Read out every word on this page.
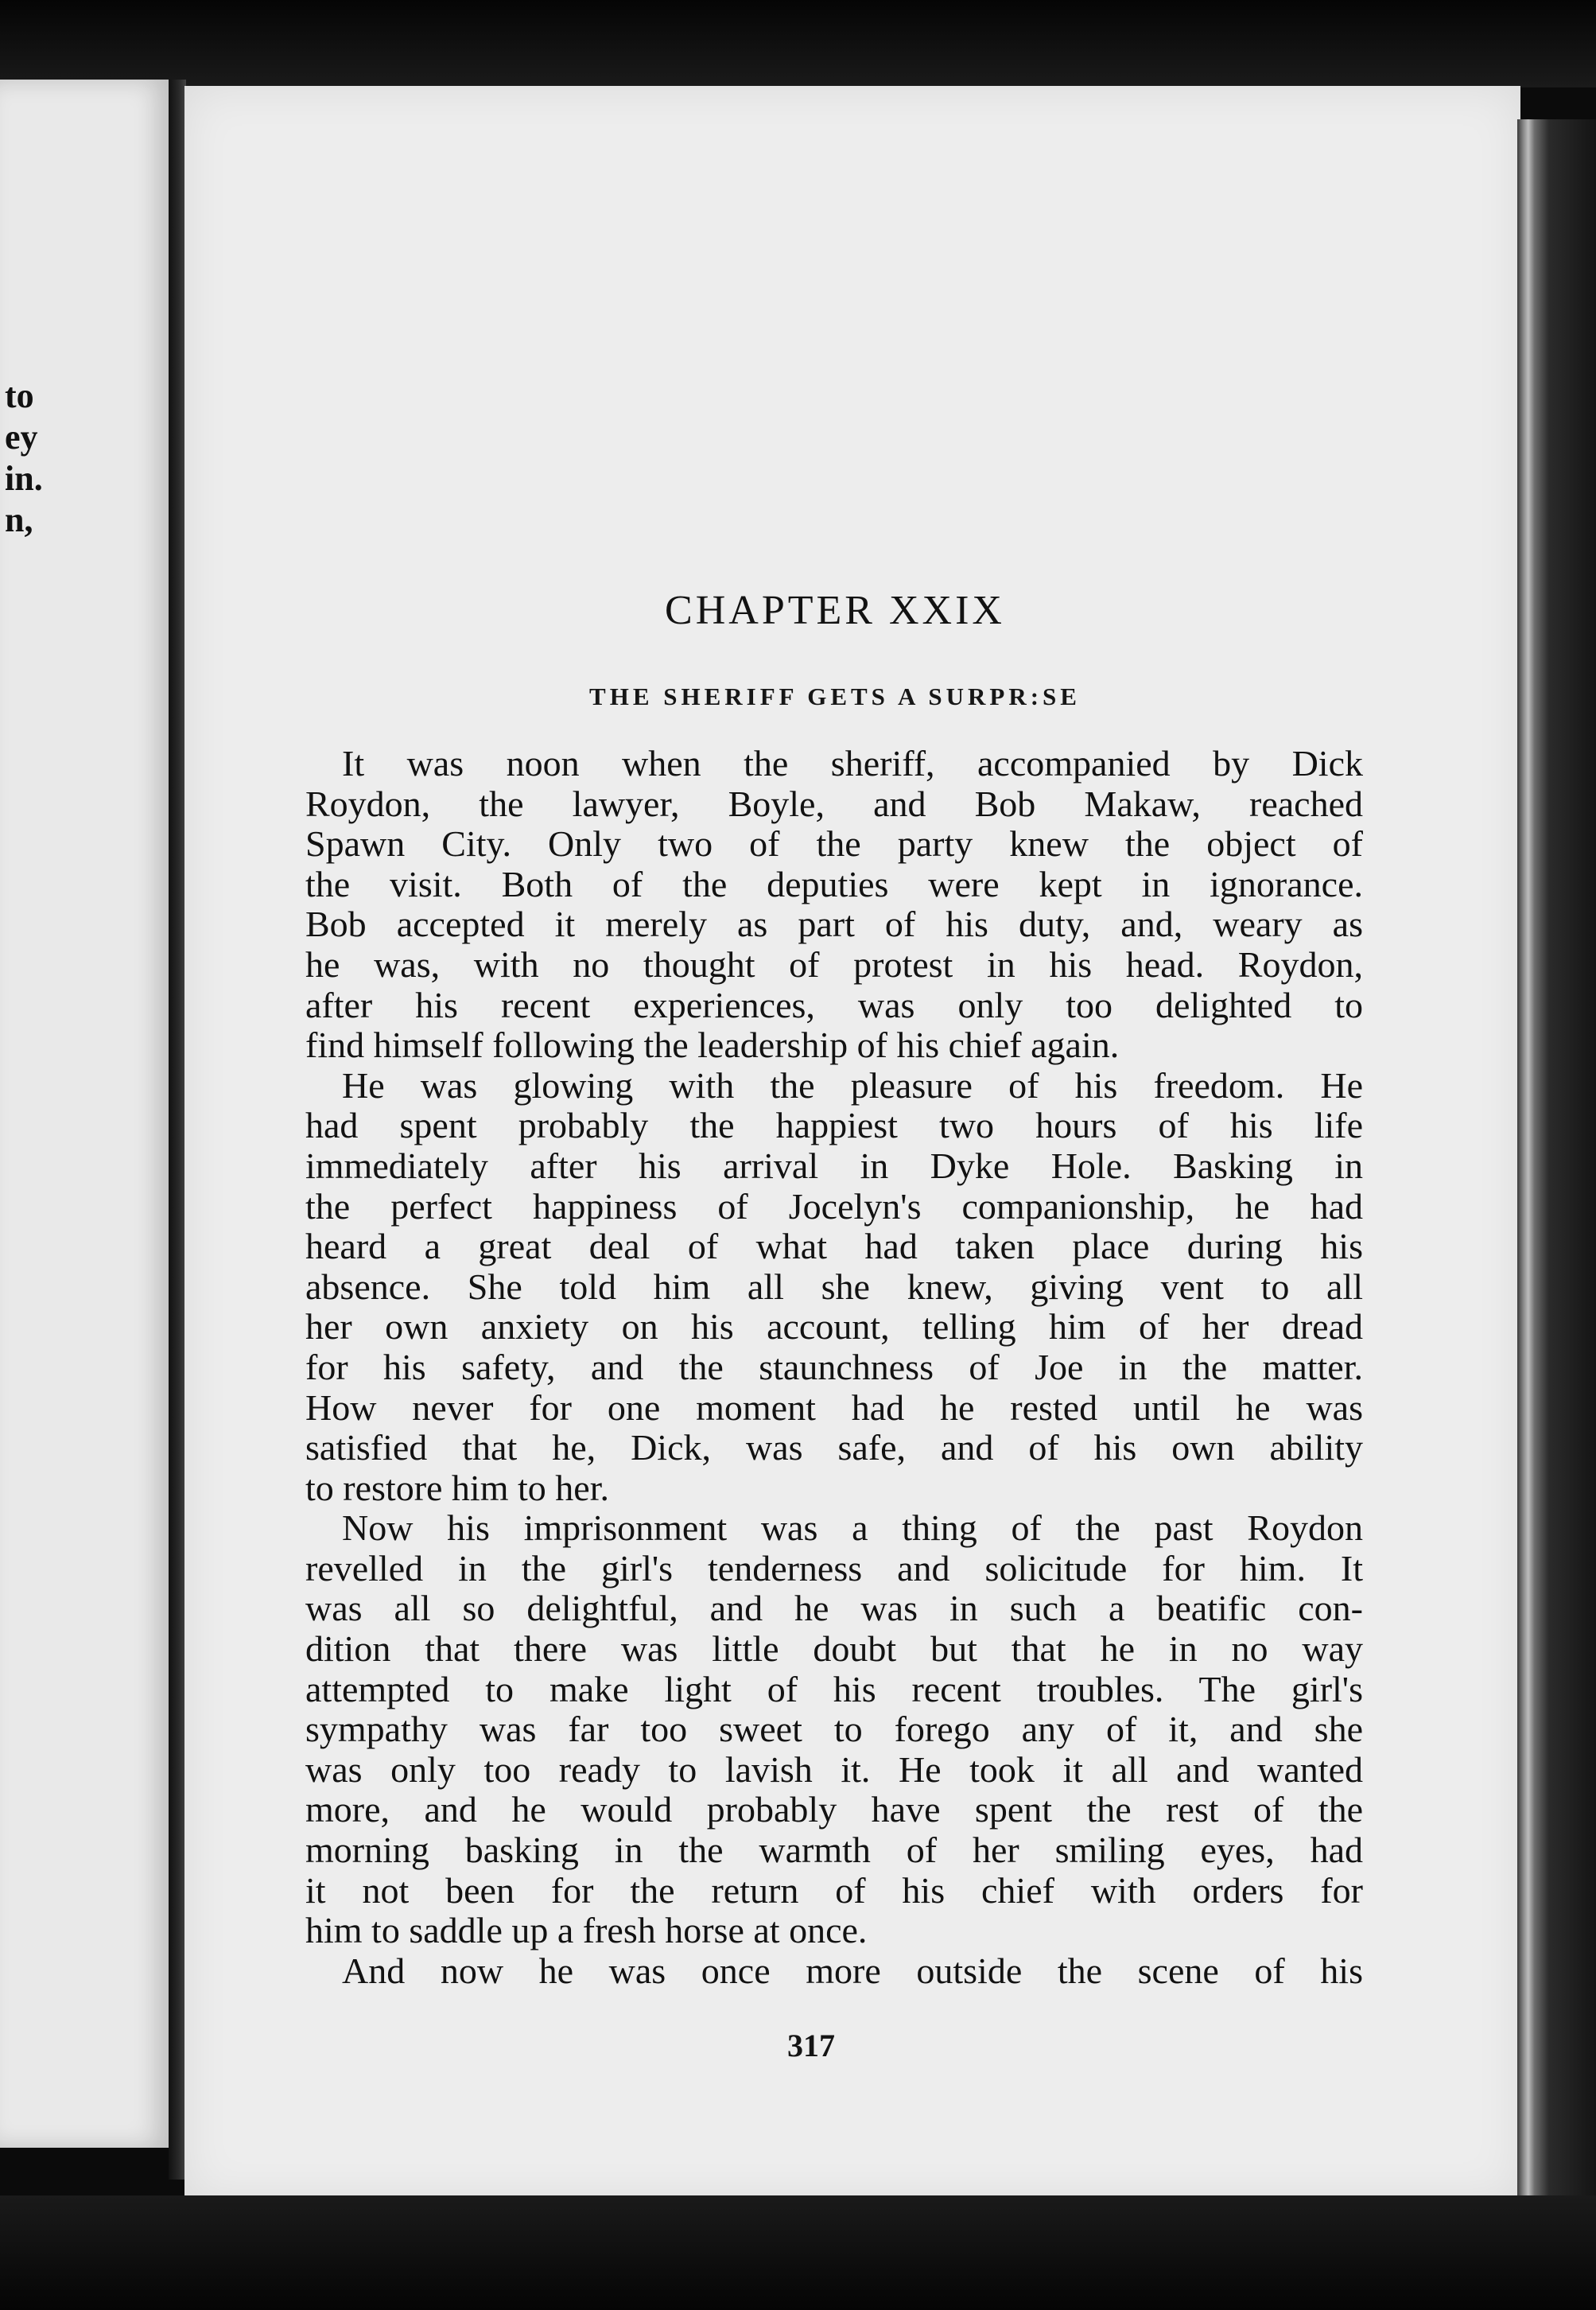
to
ey
in.
n,
CHAPTER XXIX
THE SHERIFF GETS A SURPR:SE

It was noon when the sheriff, accompanied by Dick
Roydon, the lawyer, Boyle, and Bob Makaw, reached
Spawn City. Only two of the party knew the object of
the visit. Both of the deputies were kept in ignorance.
Bob accepted it merely as part of his duty, and, weary as
he was, with no thought of protest in his head. Roydon,
after his recent experiences, was only too delighted to
find himself following the leadership of his chief again.

He was glowing with the pleasure of his freedom. He
had spent probably the happiest two hours of his life
immediately after his arrival in Dyke Hole. Basking in
the perfect happiness of Jocelyn's companionship, he had
heard a great deal of what had taken place during his
absence. She told him all she knew, giving vent to all
her own anxiety on his account, telling him of her dread
for his safety, and the staunchness of Joe in the matter.
How never for one moment had he rested until he was
satisfied that he, Dick, was safe, and of his own ability
to restore him to her.

Now his imprisonment was a thing of the past Roydon
revelled in the girl's tenderness and solicitude for him. It
was all so delightful, and he was in such a beatific con-
dition that there was little doubt but that he in no way
attempted to make light of his recent troubles. The girl's
sympathy was far too sweet to forego any of it, and she
was only too ready to lavish it. He took it all and wanted
more, and he would probably have spent the rest of the
morning basking in the warmth of her smiling eyes, had
it not been for the return of his chief with orders for
him to saddle up a fresh horse at once.

And now he was once more outside the scene of his

317
